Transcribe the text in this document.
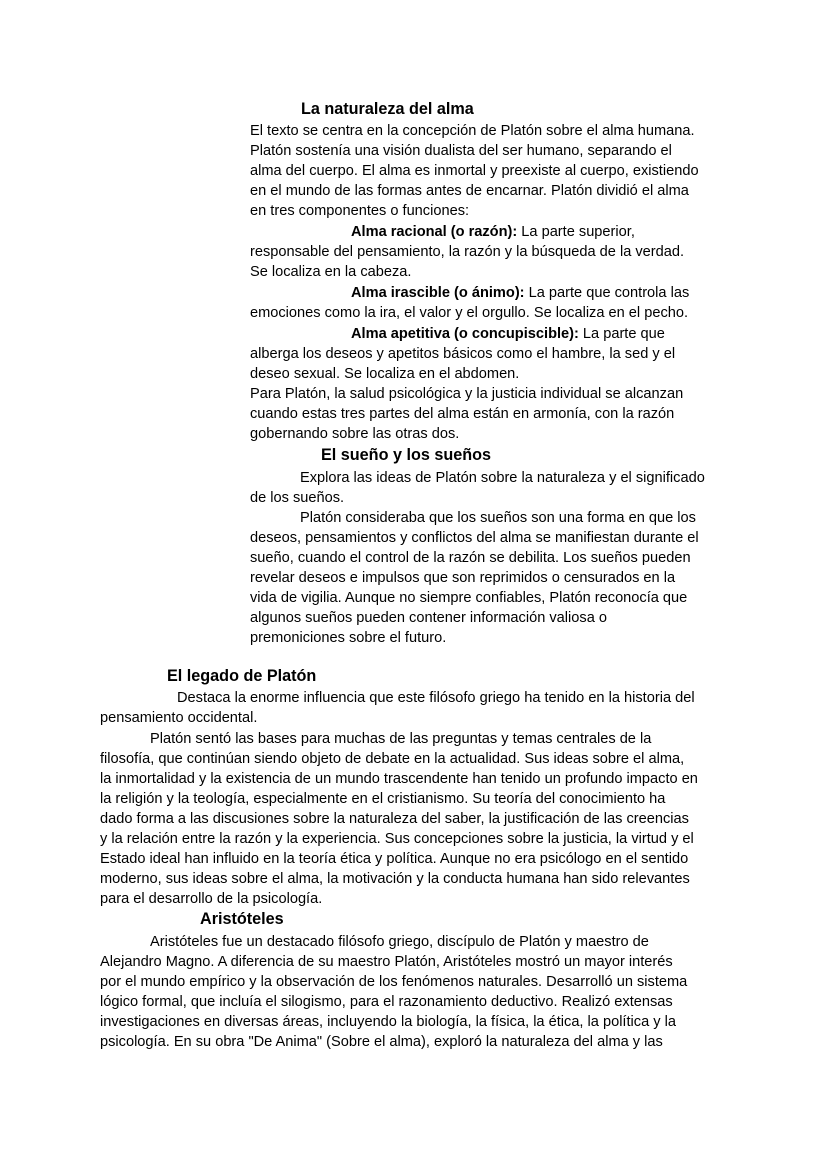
La naturaleza del alma
El texto se centra en la concepción de Platón sobre el alma humana.
Platón sostenía una visión dualista del ser humano, separando el
alma del cuerpo. El alma es inmortal y preexiste al cuerpo, existiendo
en el mundo de las formas antes de encarnar. Platón dividió el alma
en tres componentes o funciones:
Alma racional (o razón): La parte superior,
responsable del pensamiento, la razón y la búsqueda de la verdad.
Se localiza en la cabeza.
Alma irascible (o ánimo): La parte que controla las
emociones como la ira, el valor y el orgullo. Se localiza en el pecho.
Alma apetitiva (o concupiscible): La parte que
alberga los deseos y apetitos básicos como el hambre, la sed y el
deseo sexual. Se localiza en el abdomen.
Para Platón, la salud psicológica y la justicia individual se alcanzan
cuando estas tres partes del alma están en armonía, con la razón
gobernando sobre las otras dos.
El sueño y los sueños
Explora las ideas de Platón sobre la naturaleza y el significado
de los sueños.
Platón consideraba que los sueños son una forma en que los
deseos, pensamientos y conflictos del alma se manifiestan durante el
sueño, cuando el control de la razón se debilita. Los sueños pueden
revelar deseos e impulsos que son reprimidos o censurados en la
vida de vigilia. Aunque no siempre confiables, Platón reconocía que
algunos sueños pueden contener información valiosa o
premoniciones sobre el futuro.
El legado de Platón
Destaca la enorme influencia que este filósofo griego ha tenido en la historia del
pensamiento occidental.
Platón sentó las bases para muchas de las preguntas y temas centrales de la
filosofía, que continúan siendo objeto de debate en la actualidad. Sus ideas sobre el alma,
la inmortalidad y la existencia de un mundo trascendente han tenido un profundo impacto en
la religión y la teología, especialmente en el cristianismo. Su teoría del conocimiento ha
dado forma a las discusiones sobre la naturaleza del saber, la justificación de las creencias
y la relación entre la razón y la experiencia. Sus concepciones sobre la justicia, la virtud y el
Estado ideal han influido en la teoría ética y política. Aunque no era psicólogo en el sentido
moderno, sus ideas sobre el alma, la motivación y la conducta humana han sido relevantes
para el desarrollo de la psicología.
Aristóteles
Aristóteles fue un destacado filósofo griego, discípulo de Platón y maestro de
Alejandro Magno. A diferencia de su maestro Platón, Aristóteles mostró un mayor interés
por el mundo empírico y la observación de los fenómenos naturales. Desarrolló un sistema
lógico formal, que incluía el silogismo, para el razonamiento deductivo. Realizó extensas
investigaciones en diversas áreas, incluyendo la biología, la física, la ética, la política y la
psicología. En su obra "De Anima" (Sobre el alma), exploró la naturaleza del alma y las
